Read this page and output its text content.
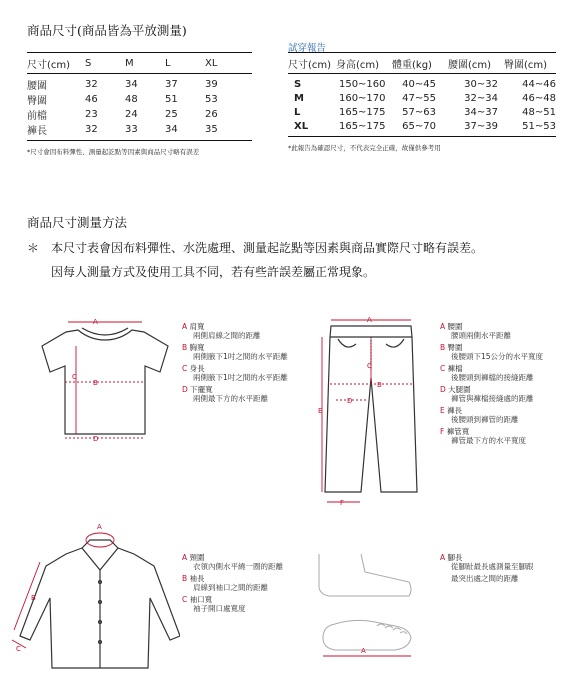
商品尺寸(商品皆為平放測量)
尺寸(cm)	S	M	L	XL
腰圍	32	34	37	39
臀圍	46	48	51	53
前檔	23	24	25	26
褲長	32	33	34	35
*尺寸會因布料彈性、測量起訖點等因素與商品尺寸略有誤差
試穿報告
尺寸(cm)	身高(cm)	體重(kg)	腰圍(cm)	臀圍(cm)
S	150~160	40~45	30~32	44~46
M	160~170	47~55	32~34	46~48
L	165~175	57~63	34~37	48~51
XL	165~175	65~70	37~39	51~53
*此報告為確認尺寸，不代表完全正確，故僅供參考用
商品尺寸測量方法
＊ 本尺寸表會因布料彈性、水洗處理、測量起訖點等因素與商品實際尺寸略有誤差。
因每人測量方式及使用工具不同，若有些許誤差屬正常現象。
A
B
C
D
A 肩寬
兩側肩線之間的距離
B 胸寬
兩側腋下1吋之間的水平距離
C 身長
兩側腋下1吋之間的水平距離
D 下擺寬
兩側最下方的水平距離
A
B
C
D
E
F
A 腰圍
腰頭兩側水平距離
B 臀圍
後腰頭下15公分的水平寬度
C 褲檔
後腰頭到褲檔的接縫距離
D 大腿圍
褲管與褲檔接縫處的距離
E 褲長
後腰頭到褲管的距離
F 褲管寬
褲管最下方的水平寬度
A
B
C
A 頸圍
衣領內側水平繞一圈的距離
B 袖長
肩線到袖口之間的距離
C 袖口寬
袖子開口處寬度
A
A 腳長
從腳趾最長處測量至腳跟
最突出處之間的距離
